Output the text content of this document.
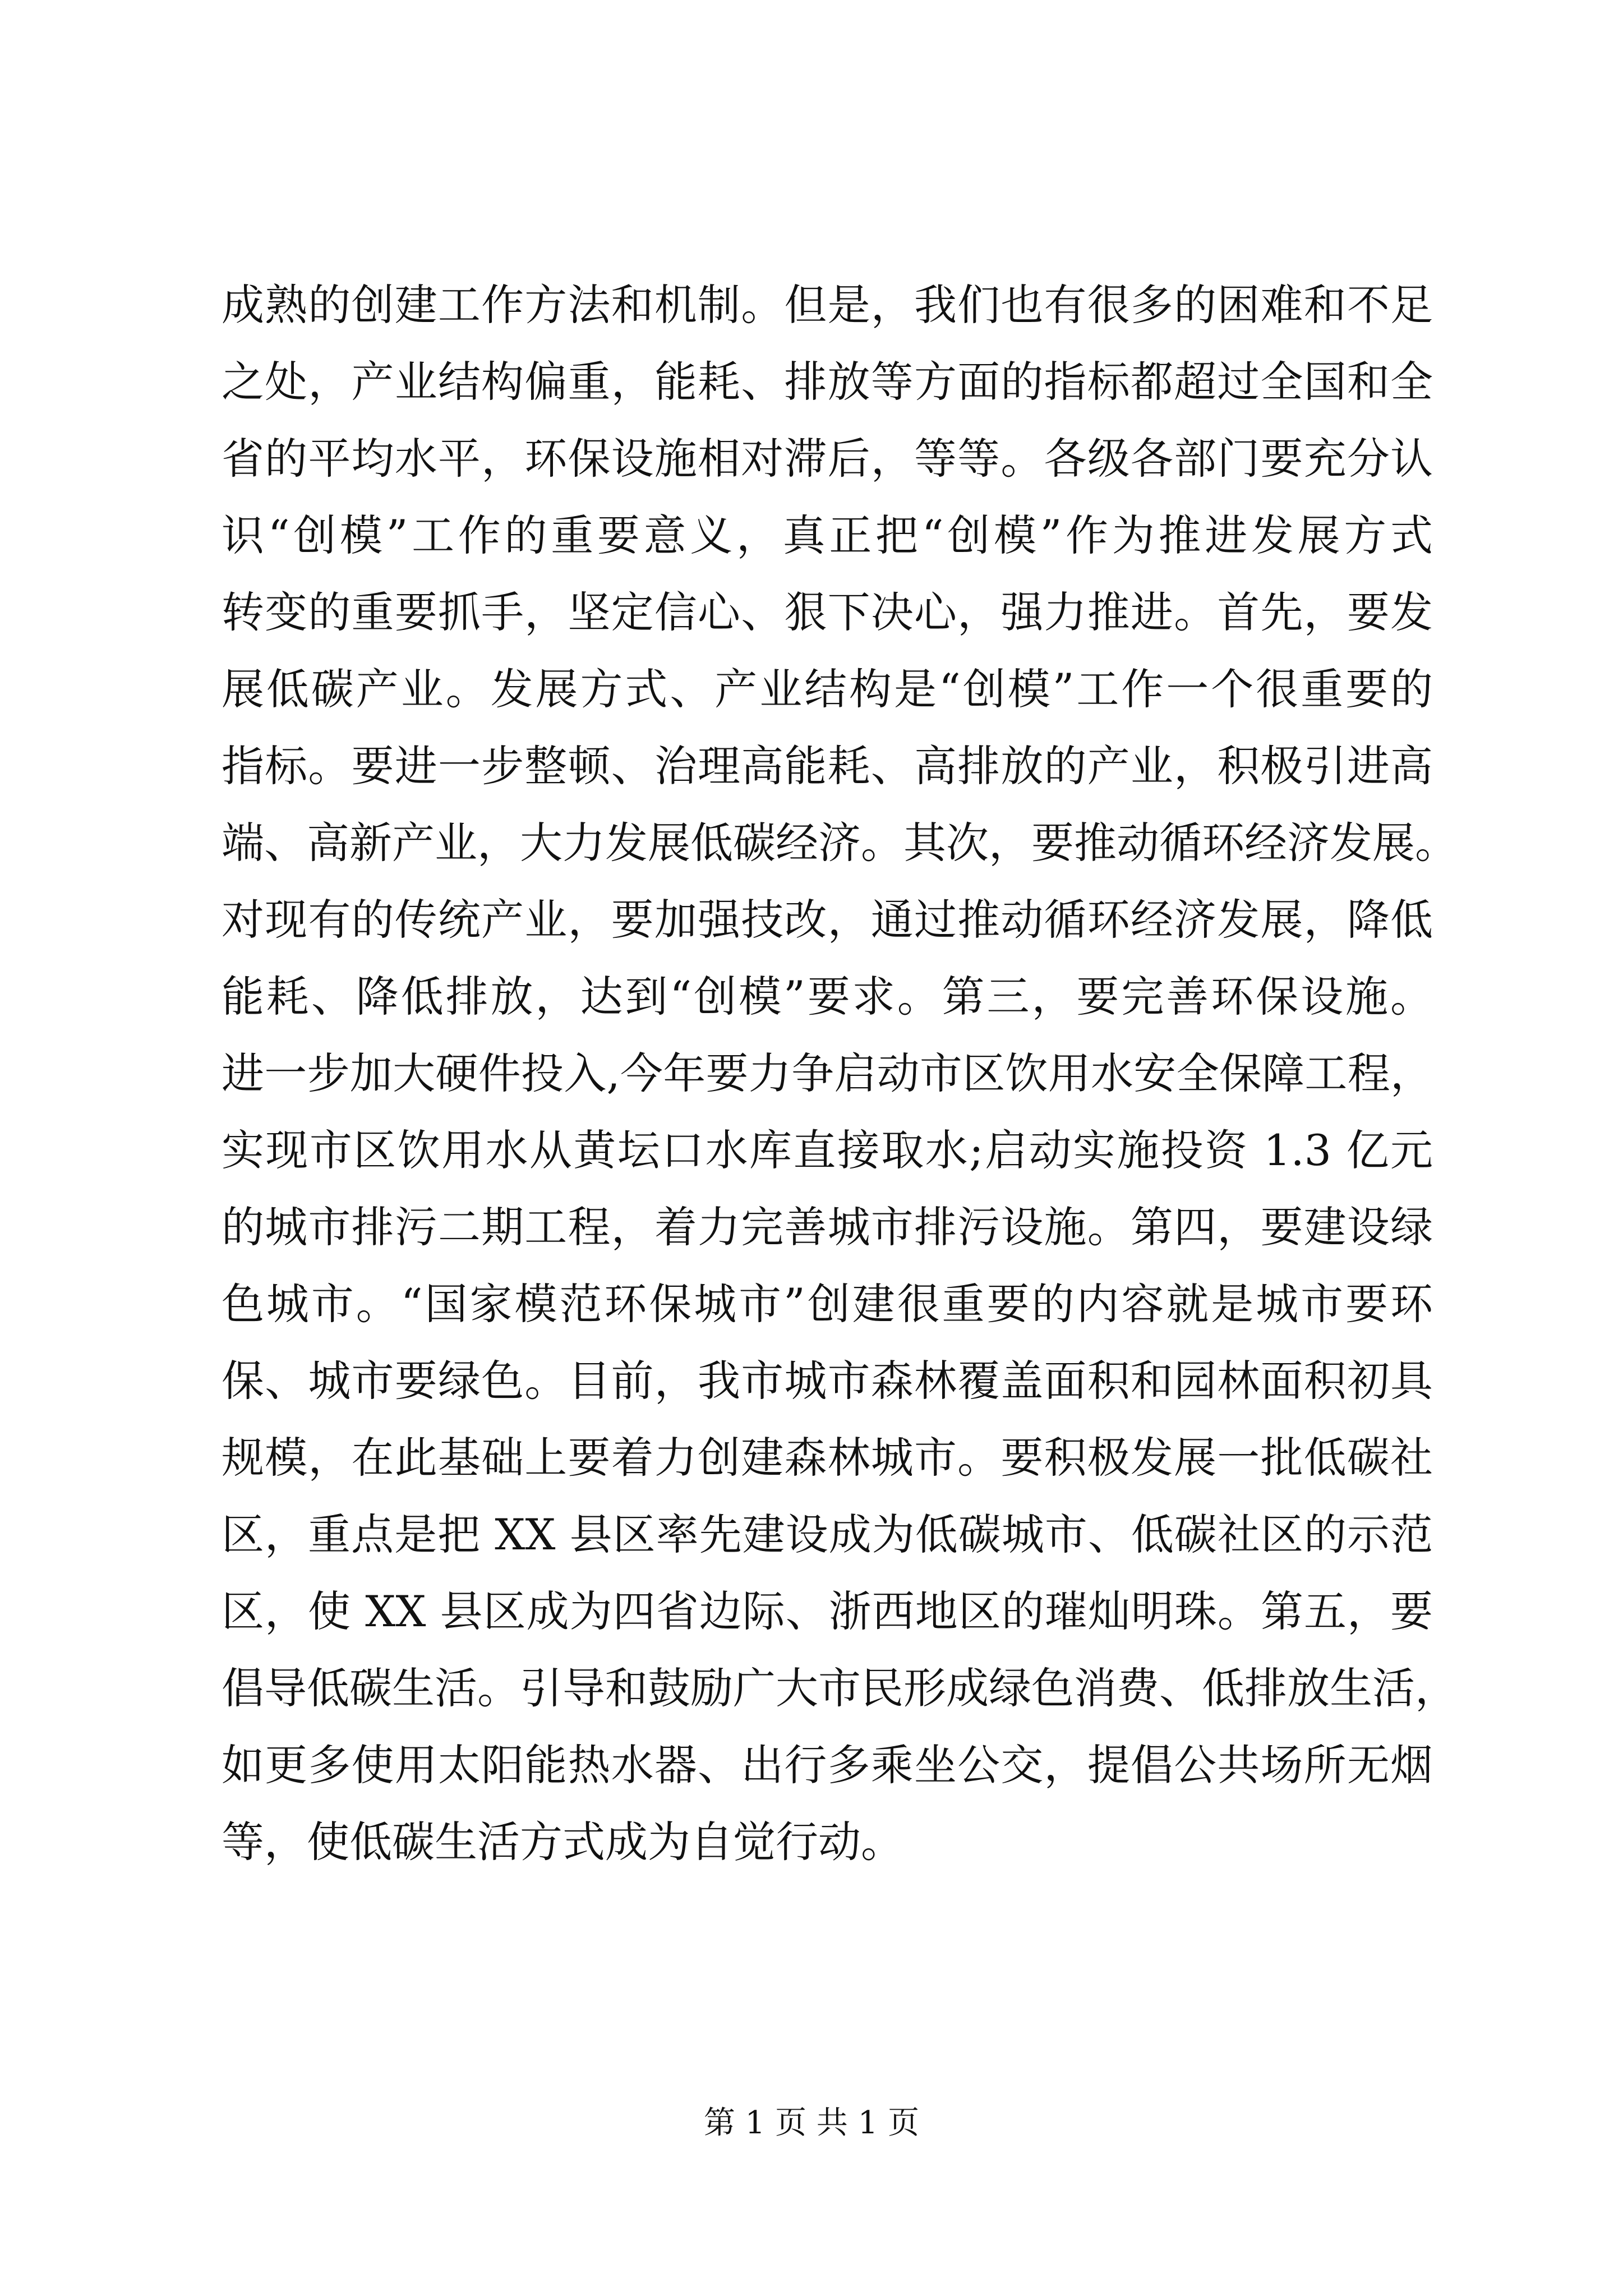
成熟的创建工作方法和机制。但是，我们也有很多的困难和不足
之处，产业结构偏重，能耗、排放等方面的指标都超过全国和全
省的平均水平，环保设施相对滞后，等等。各级各部门要充分认
识“创模”工作的重要意义，真正把“创模”作为推进发展方式
转变的重要抓手，坚定信心、狠下决心，强力推进。首先，要发
展低碳产业。发展方式、产业结构是“创模”工作一个很重要的
指标。要进一步整顿、治理高能耗、高排放的产业，积极引进高
端、高新产业，大力发展低碳经济。其次，要推动循环经济发展。
对现有的传统产业，要加强技改，通过推动循环经济发展，降低
能耗、降低排放，达到“创模”要求。第三，要完善环保设施。
进一步加大硬件投入,今年要力争启动市区饮用水安全保障工程，
实现市区饮用水从黄坛口水库直接取水;启动实施投资 1.3 亿元
的城市排污二期工程，着力完善城市排污设施。第四，要建设绿
色城市。“国家模范环保城市”创建很重要的内容就是城市要环
保、城市要绿色。目前，我市城市森林覆盖面积和园林面积初具
规模，在此基础上要着力创建森林城市。要积极发展一批低碳社
区，重点是把 XX 县区率先建设成为低碳城市、低碳社区的示范
区，使 XX 县区成为四省边际、浙西地区的璀灿明珠。第五，要
倡导低碳生活。引导和鼓励广大市民形成绿色消费、低排放生活，
如更多使用太阳能热水器、出行多乘坐公交，提倡公共场所无烟
等，使低碳生活方式成为自觉行动。
第 1 页 共 1 页
